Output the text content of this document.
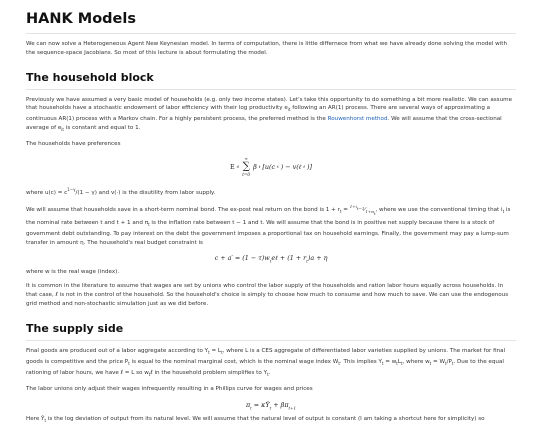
HANK Models

We can now solve a Heterogeneous Agent New Keynesian model. In terms of computation, there is little differnece from what we have already done solving the model with the sequence-space Jacobians. So most of this lecture is about formulating the model.

The household block

Previously we have assumed a very basic model of households (e.g. only two income states). Let's take this opportunity to do something a bit more realistic. We can assume that households have a stochastic endowment of labor efficiency with their log productivity $e_{it}$ following an AR(1) process. There are several ways of approximating a continuous AR(1) process with a Markov chain. For a highly persistent process, the preferred method is the Rouwenhorst method. We will assume that the cross-sectional average of $e_{it}$ is constant and equal to 1.

The households have preferences

E 0
∞
∑
t=0
β t [u(c t ) − v(ℓ t )]

where $u(c) = c^{1-\gamma}/(1 - \gamma)$ and v(·) is the disutility from labor supply.

We will assume that households save in a short-term nominal bond. The ex-post real return on the bond is $1 + r_t$ = $^{1+i_{t-1}}⁄_{1+\pi_t}$, where we use the conventional timing that $i_t$ is the nominal rate between t and t + 1 and $\pi_t$ is the inflation rate between t − 1 and t. We will assume that the bond is in positive net supply because there is a stock of government debt outstanding. To pay interest on the debt the government imposes a proportional tax on household earnings. Finally, the government may pay a lump-sum transfer in amount η. The household's real budget constraint is

$c + a' = (1 - \tau)w_te\ell + (1 + r_t)a + \eta$

where w is the real wage (index).

It is common in the literature to assume that wages are set by unions who control the labor supply of the households and ration labor hours equally across households. In that case, ℓ is not in the control of the household. So the household's choice is simply to choose how much to consume and how much to save. We can use the endogenous grid method and non-stochastic simulation just as we did before.

The supply side

Final goods are produced out of a labor aggregate according to $Y_t = L_t$, where L is a CES aggregate of differentiated labor varieties supplied by unions. The market for final goods is competitive and the price $P_t$ is equal to the nominal marginal cost, which is the nominal wage index $W_t$. This implies $Y_t = w_tL_t$, where $w_t = W_t/P_t$. Due to the equal rationing of labor hours, we have ℓ = L so $w_t\ell$ in the household problem simplifies to $Y_t$.

The labor unions only adjust their wages infrequently resulting in a Phillips curve for wages and prices

$\pi_t$ = $\kappa Ŷ_t + \beta\pi_{t+1}$

Here $Ŷ_t$ is the log deviation of output from its natural level. We will assume that the natural level of output is constant (I am taking a shortcut here for simplicity) so
